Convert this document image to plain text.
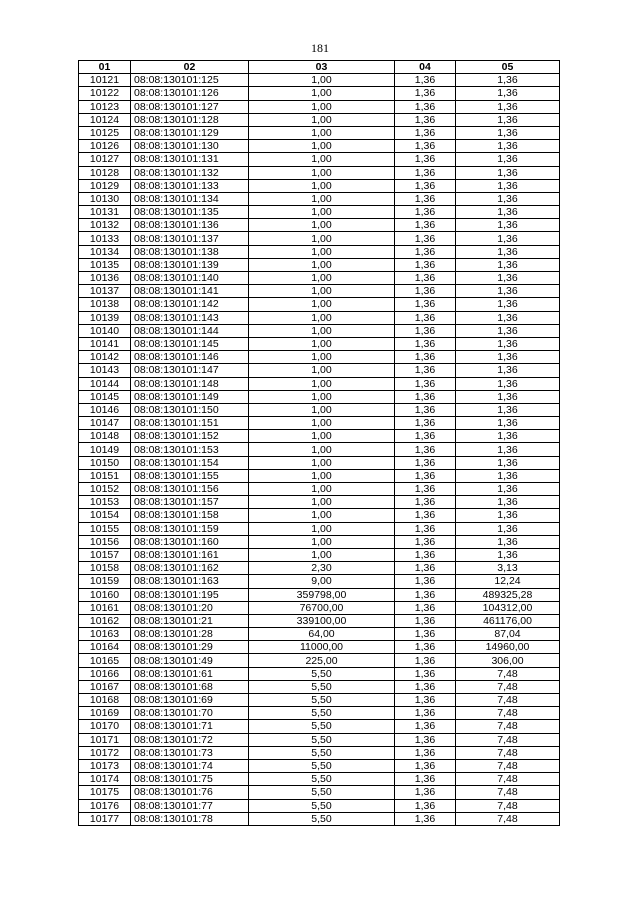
181
01	02	03	04	05
10121	08:08:130101:125	1,00	1,36	1,36
10122	08:08:130101:126	1,00	1,36	1,36
10123	08:08:130101:127	1,00	1,36	1,36
10124	08:08:130101:128	1,00	1,36	1,36
10125	08:08:130101:129	1,00	1,36	1,36
10126	08:08:130101:130	1,00	1,36	1,36
10127	08:08:130101:131	1,00	1,36	1,36
10128	08:08:130101:132	1,00	1,36	1,36
10129	08:08:130101:133	1,00	1,36	1,36
10130	08:08:130101:134	1,00	1,36	1,36
10131	08:08:130101:135	1,00	1,36	1,36
10132	08:08:130101:136	1,00	1,36	1,36
10133	08:08:130101:137	1,00	1,36	1,36
10134	08:08:130101:138	1,00	1,36	1,36
10135	08:08:130101:139	1,00	1,36	1,36
10136	08:08:130101:140	1,00	1,36	1,36
10137	08:08:130101:141	1,00	1,36	1,36
10138	08:08:130101:142	1,00	1,36	1,36
10139	08:08:130101:143	1,00	1,36	1,36
10140	08:08:130101:144	1,00	1,36	1,36
10141	08:08:130101:145	1,00	1,36	1,36
10142	08:08:130101:146	1,00	1,36	1,36
10143	08:08:130101:147	1,00	1,36	1,36
10144	08:08:130101:148	1,00	1,36	1,36
10145	08:08:130101:149	1,00	1,36	1,36
10146	08:08:130101:150	1,00	1,36	1,36
10147	08:08:130101:151	1,00	1,36	1,36
10148	08:08:130101:152	1,00	1,36	1,36
10149	08:08:130101:153	1,00	1,36	1,36
10150	08:08:130101:154	1,00	1,36	1,36
10151	08:08:130101:155	1,00	1,36	1,36
10152	08:08:130101:156	1,00	1,36	1,36
10153	08:08:130101:157	1,00	1,36	1,36
10154	08:08:130101:158	1,00	1,36	1,36
10155	08:08:130101:159	1,00	1,36	1,36
10156	08:08:130101:160	1,00	1,36	1,36
10157	08:08:130101:161	1,00	1,36	1,36
10158	08:08:130101:162	2,30	1,36	3,13
10159	08:08:130101:163	9,00	1,36	12,24
10160	08:08:130101:195	359798,00	1,36	489325,28
10161	08:08:130101:20	76700,00	1,36	104312,00
10162	08:08:130101:21	339100,00	1,36	461176,00
10163	08:08:130101:28	64,00	1,36	87,04
10164	08:08:130101:29	11000,00	1,36	14960,00
10165	08:08:130101:49	225,00	1,36	306,00
10166	08:08:130101:61	5,50	1,36	7,48
10167	08:08:130101:68	5,50	1,36	7,48
10168	08:08:130101:69	5,50	1,36	7,48
10169	08:08:130101:70	5,50	1,36	7,48
10170	08:08:130101:71	5,50	1,36	7,48
10171	08:08:130101:72	5,50	1,36	7,48
10172	08:08:130101:73	5,50	1,36	7,48
10173	08:08:130101:74	5,50	1,36	7,48
10174	08:08:130101:75	5,50	1,36	7,48
10175	08:08:130101:76	5,50	1,36	7,48
10176	08:08:130101:77	5,50	1,36	7,48
10177	08:08:130101:78	5,50	1,36	7,48
